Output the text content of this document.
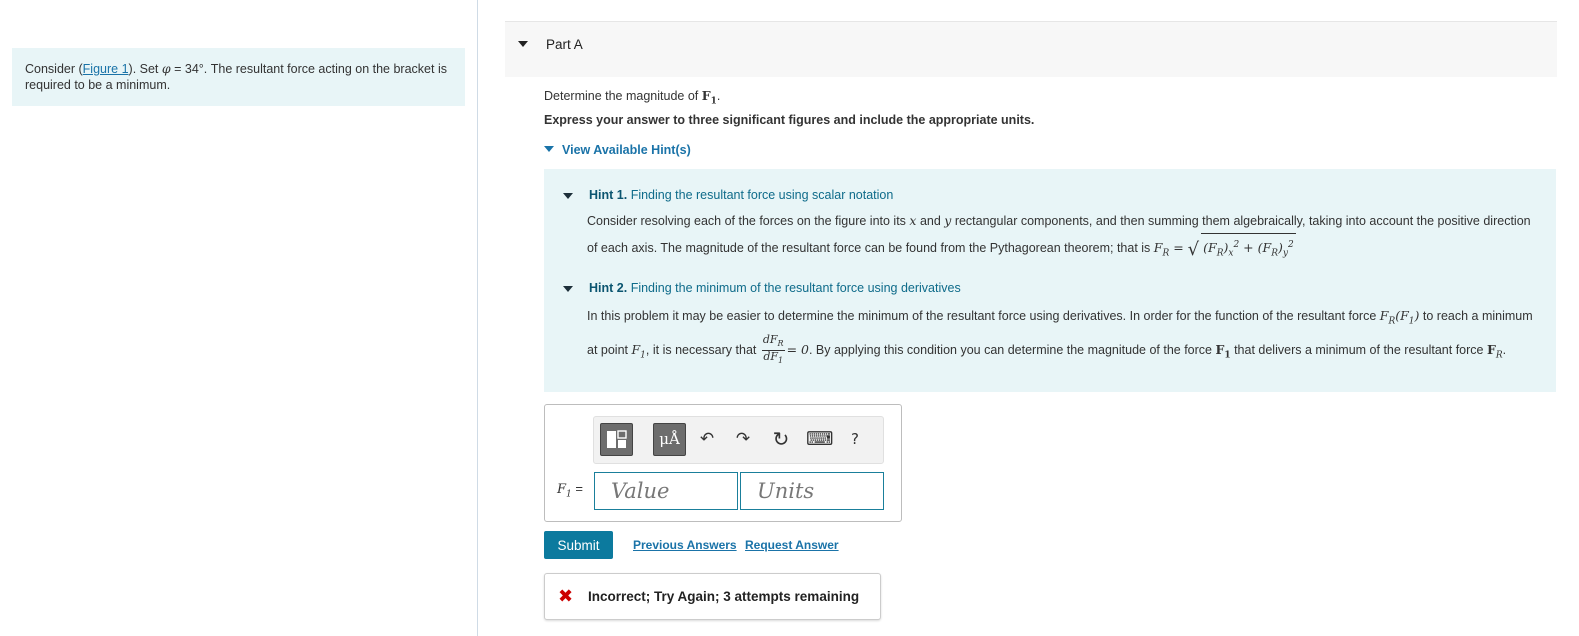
Consider (Figure 1). Set φ = 34°. The resultant force acting on the bracket is required to be a minimum.
Part A
Determine the magnitude of $F_1$.
Express your answer to three significant figures and include the appropriate units.
View Available Hint(s)
Hint 1. Finding the resultant force using scalar notation
Consider resolving each of the forces on the figure into its x and y rectangular components, and then summing them algebraically, taking into account the positive direction of each axis. The magnitude of the resultant force can be found from the Pythagorean theorem; that is $F_R$ = √ $(F_R)_x^2 + (F_R)_y^2$
Hint 2. Finding the minimum of the resultant force using derivatives
In this problem it may be easier to determine the minimum of the resultant force using derivatives. In order for the function of the resultant force $F_R(F_1)$ to reach a minimum at point $F_1$, it is necessary that $\frac{dF_R}{dF_1} = 0$. By applying this condition you can determine the magnitude of the force $F_1$ that delivers a minimum of the resultant force $F_R$.
μÅ	↶ ↷ ↻ ⌨	?
$F_1$ =
Value
Units
Submit	Previous Answers Request Answer
✖ Incorrect; Try Again; 3 attempts remaining
